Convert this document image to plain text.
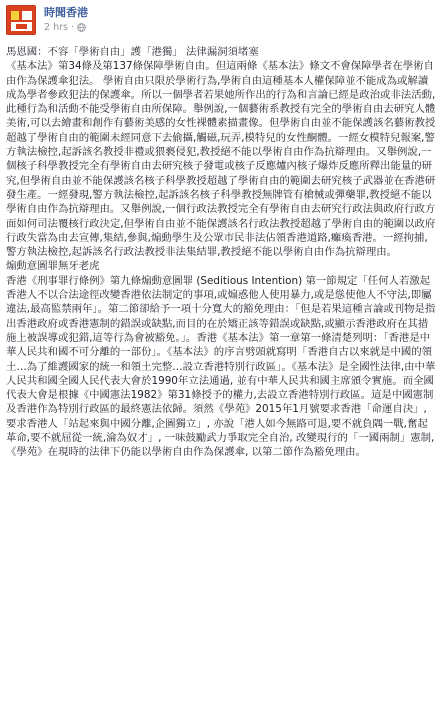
時聞香港
2 hrs ·

馬恩國：不容「學術自由」護「港獨」 法律漏洞須堵塞

《基本法》第34條及第137條保障學術自由。但這兩條《基本法》條文不會保障學者在學術自由作為保護傘犯法。 學術自由只限於學術行為,學術自由這種基本人權保障並不能成為或解讀成為學者參政犯法的保護傘。所以一個學者若果她所作出的行為和言論已經是政治或非法活動,此種行為和活動不能受學術自由所保障。舉例說,一個藝術系教授有完全的學術自由去研究人體美術,可以去繪畫和創作有藝術美感的女性裸體素描畫像。但學術自由並不能保護該名藝術教授超越了學術自由的範圍未經同意下去偷攝,觸磁,玩弄,模特兒的女性酮體。一經女模特兒報案,警方執法檢控,起訴該名教授非禮或猥褻侵犯,教授絕不能以學術自由作為抗辯理由。又舉例說,一個核子科學教授完全有學術自由去研究核子發電或核子反應爐內核子爆炸反應所釋出能量的研究,但學術自由並不能保護該名核子科學教授超越了學術自由的範圍去研究核子武器並在香港研發生產。一經發現,警方執法檢控,起訴該名核子科學教授無牌管有槍械或彈藥罪,教授絕不能以學術自由作為抗辯理由。又舉例說,一個行政法教授完全有學術自由去研究行政法與政府行政方面如何司法覆核行政決定,但學術自由並不能保護該名行政法教授超越了學術自由的範圍以政府行政失當為由去宣傳,集結,參與,煽動學生及公眾市民非法佔領香港道路,癱瘓香港。一經拘捕,警方執法檢控,起訴該名行政法教授非法集結罪,教授絕不能以學術自由作為抗辯理由。

煽動意圖罪無牙老虎

香港《刑事罪行條例》第九條煽動意圖罪 (Seditious Intention) 第一節規定「任何人若激起香港人不以合法途徑改變香港依法制定的事項,或煽惑他人使用暴力,或是慫使他人不守法,即屬違法,最高監禁兩年」。第二節卻給予一項十分寬大的豁免理由：「但是若果這種言論或刊物是指出香港政府或香港憲制的錯誤或缺點,而目的在於矯正該等錯誤或缺點,或顯示香港政府在其措施上被誤導或犯錯,這等行為會被豁免。」。香港《基本法》第一章第一條清楚列明：「香港是中華人民共和國不可分離的一部份」。《基本法》的序言劈頭就寫明「香港自古以來就是中國的領土…為了維護國家的統一和領土完整…設立香港特別行政區」。《基本法》是全國性法律,由中華人民共和國全國人民代表大會於1990年立法通過, 並有中華人民共和國主席頒令實施。而全國代表大會是根據《中國憲法1982》第31條授予的權力,去設立香港特別行政區。這是中國憲制及香港作為特別行政區的最終憲法依歸。須然《學苑》2015年1月號要求香港「命運自決」, 要求香港人「站起來與中國分離,企圖獨立」, 亦說「港人如今無路可退,要不就負隅一戰,奮起革命,要不就屈從一統,淪為奴才」, 一味鼓勵武力爭取完全自治, 改變現行的「一國兩制」憲制, 《學苑》在現時的法律下仍能以學術自由作為保護傘, 以第二節作為豁免理由。
